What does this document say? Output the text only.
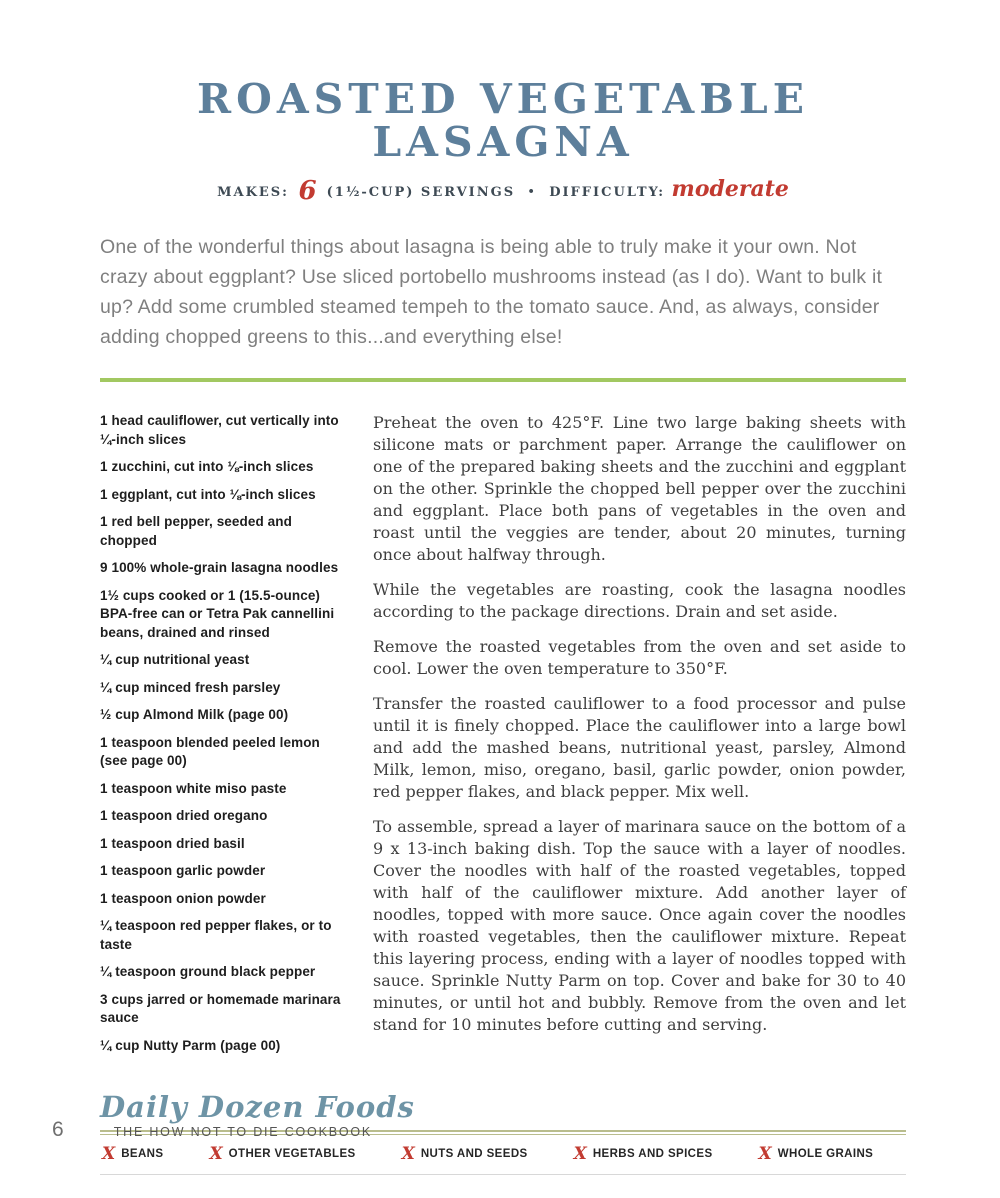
ROASTED VEGETABLE LASAGNA
MAKES: 6 (1½-CUP) SERVINGS • DIFFICULTY: moderate

One of the wonderful things about lasagna is being able to truly make it your own. Not crazy about eggplant? Use sliced portobello mushrooms instead (as I do). Want to bulk it up? Add some crumbled steamed tempeh to the tomato sauce. And, as always, consider adding chopped greens to this...and everything else!

1 head cauliflower, cut vertically into ¼-inch slices

1 zucchini, cut into ⅛-inch slices

1 eggplant, cut into ⅛-inch slices

1 red bell pepper, seeded and chopped

9 100% whole-grain lasagna noodles

1½ cups cooked or 1 (15.5-ounce) BPA-free can or Tetra Pak cannellini beans, drained and rinsed

¼ cup nutritional yeast

¼ cup minced fresh parsley

½ cup Almond Milk (page 00)

1 teaspoon blended peeled lemon (see page 00)

1 teaspoon white miso paste

1 teaspoon dried oregano

1 teaspoon dried basil

1 teaspoon garlic powder

1 teaspoon onion powder

¼ teaspoon red pepper flakes, or to taste

¼ teaspoon ground black pepper

3 cups jarred or homemade marinara sauce

¼ cup Nutty Parm (page 00)

Preheat the oven to 425°F. Line two large baking sheets with silicone mats or parchment paper. Arrange the cauliflower on one of the prepared baking sheets and the zucchini and eggplant on the other. Sprinkle the chopped bell pepper over the zucchini and eggplant. Place both pans of vegetables in the oven and roast until the veggies are tender, about 20 minutes, turning once about halfway through.

While the vegetables are roasting, cook the lasagna noodles according to the package directions. Drain and set aside.

Remove the roasted vegetables from the oven and set aside to cool. Lower the oven temperature to 350°F.

Transfer the roasted cauliflower to a food processor and pulse until it is finely chopped. Place the cauliflower into a large bowl and add the mashed beans, nutritional yeast, parsley, Almond Milk, lemon, miso, oregano, basil, garlic powder, onion powder, red pepper flakes, and black pepper. Mix well.

To assemble, spread a layer of marinara sauce on the bottom of a 9 x 13-inch baking dish. Top the sauce with a layer of noodles. Cover the noodles with half of the roasted vegetables, topped with half of the cauliflower mixture. Add another layer of noodles, topped with more sauce. Once again cover the noodles with roasted vegetables, then the cauliflower mixture. Repeat this layering process, ending with a layer of noodles topped with sauce. Sprinkle Nutty Parm on top. Cover and bake for 30 to 40 minutes, or until hot and bubbly. Remove from the oven and let stand for 10 minutes before cutting and serving.

Daily Dozen Foods
X BEANS	X OTHER VEGETABLES	X NUTS AND SEEDS	X HERBS AND SPICES	X WHOLE GRAINS
6	THE HOW NOT TO DIE COOKBOOK
